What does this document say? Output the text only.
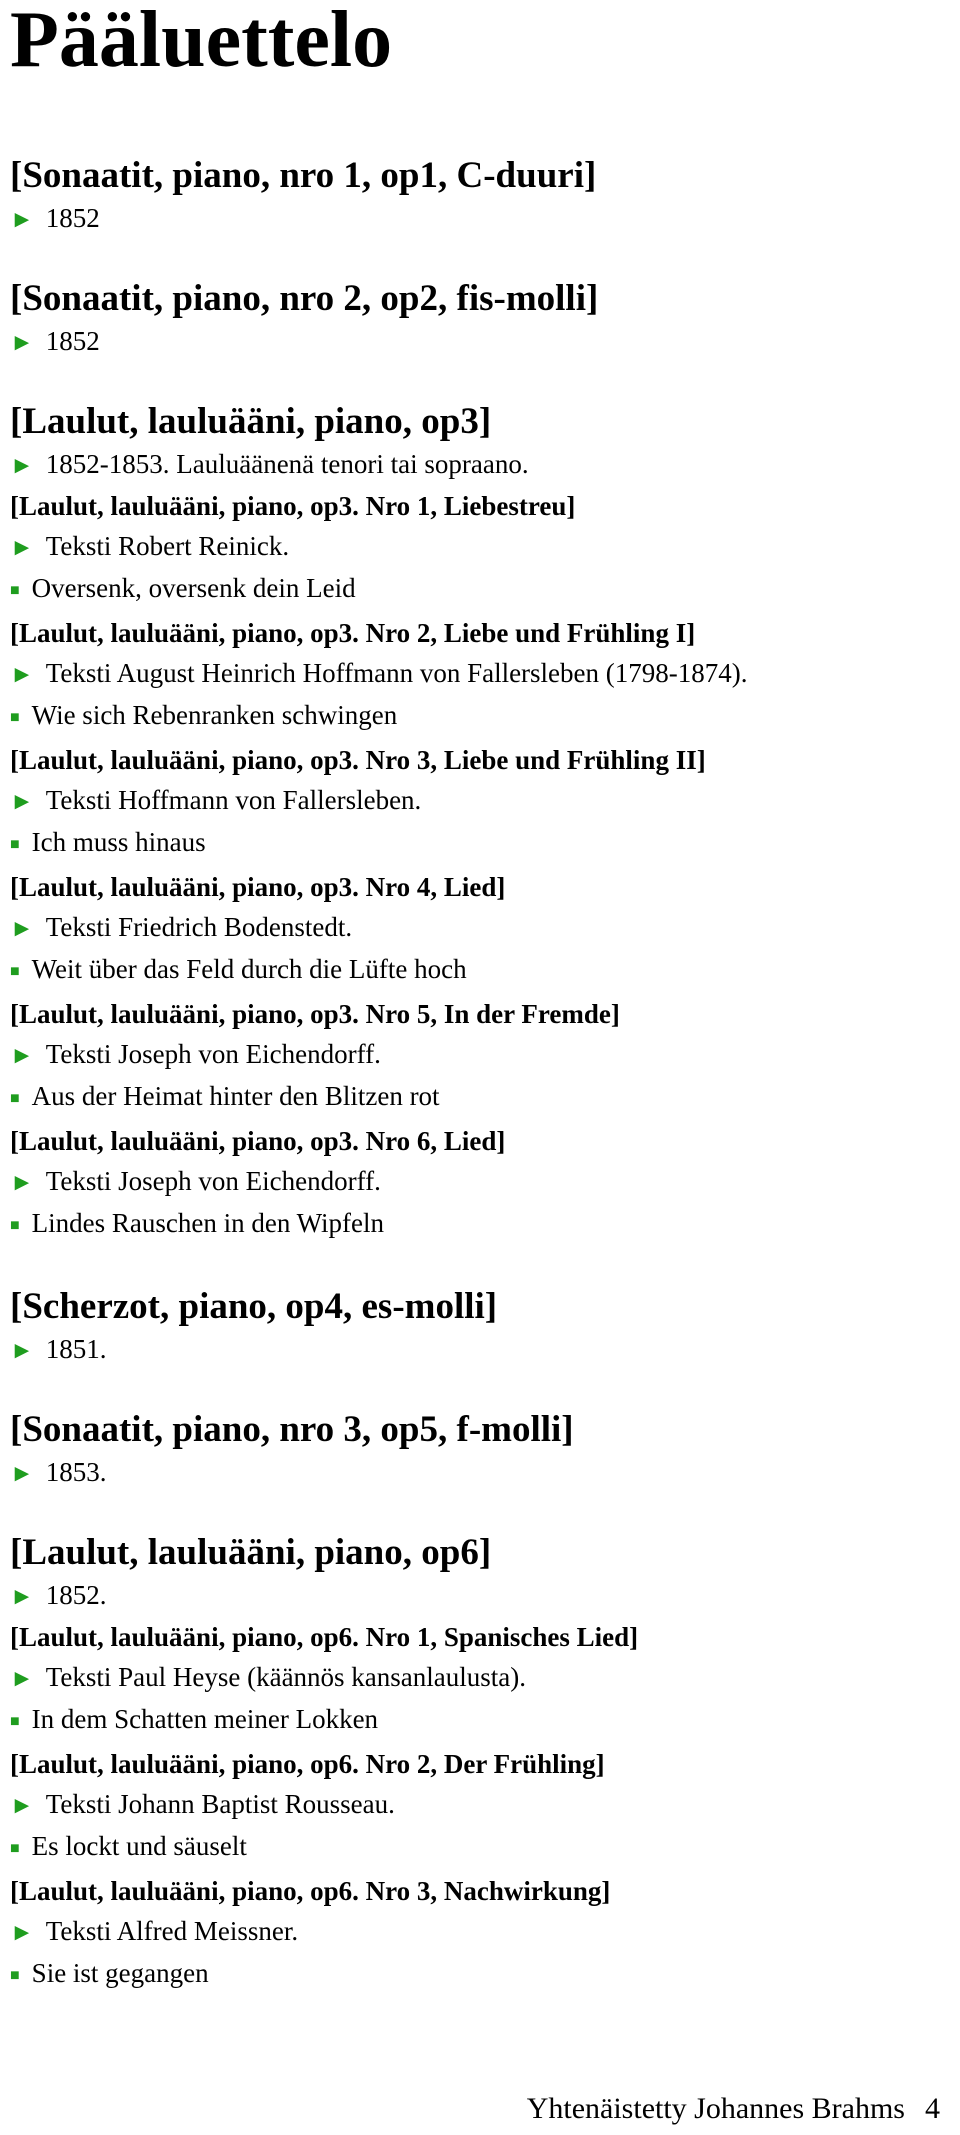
Pääluettelo
[Sonaatit, piano, nro 1, op1, C-duuri]
► 1852
[Sonaatit, piano, nro 2, op2, fis-molli]
► 1852
[Laulut, lauluääni, piano, op3]
► 1852-1853. Lauluäänenä tenori tai sopraano.
[Laulut, lauluääni, piano, op3. Nro 1, Liebestreu]
► Teksti Robert Reinick.
■ Oversenk, oversenk dein Leid
[Laulut, lauluääni, piano, op3. Nro 2, Liebe und Frühling I]
► Teksti August Heinrich Hoffmann von Fallersleben (1798-1874).
■ Wie sich Rebenranken schwingen
[Laulut, lauluääni, piano, op3. Nro 3, Liebe und Frühling II]
► Teksti Hoffmann von Fallersleben.
■ Ich muss hinaus
[Laulut, lauluääni, piano, op3. Nro 4, Lied]
► Teksti Friedrich Bodenstedt.
■ Weit über das Feld durch die Lüfte hoch
[Laulut, lauluääni, piano, op3. Nro 5, In der Fremde]
► Teksti Joseph von Eichendorff.
■ Aus der Heimat hinter den Blitzen rot
[Laulut, lauluääni, piano, op3. Nro 6, Lied]
► Teksti Joseph von Eichendorff.
■ Lindes Rauschen in den Wipfeln
[Scherzot, piano, op4, es-molli]
► 1851.
[Sonaatit, piano, nro 3, op5, f-molli]
► 1853.
[Laulut, lauluääni, piano, op6]
► 1852.
[Laulut, lauluääni, piano, op6. Nro 1, Spanisches Lied]
► Teksti Paul Heyse (käännös kansanlaulusta).
■ In dem Schatten meiner Lokken
[Laulut, lauluääni, piano, op6. Nro 2, Der Frühling]
► Teksti Johann Baptist Rousseau.
■ Es lockt und säuselt
[Laulut, lauluääni, piano, op6. Nro 3, Nachwirkung]
► Teksti Alfred Meissner.
■ Sie ist gegangen
Yhtenäistetty Johannes Brahms 4
